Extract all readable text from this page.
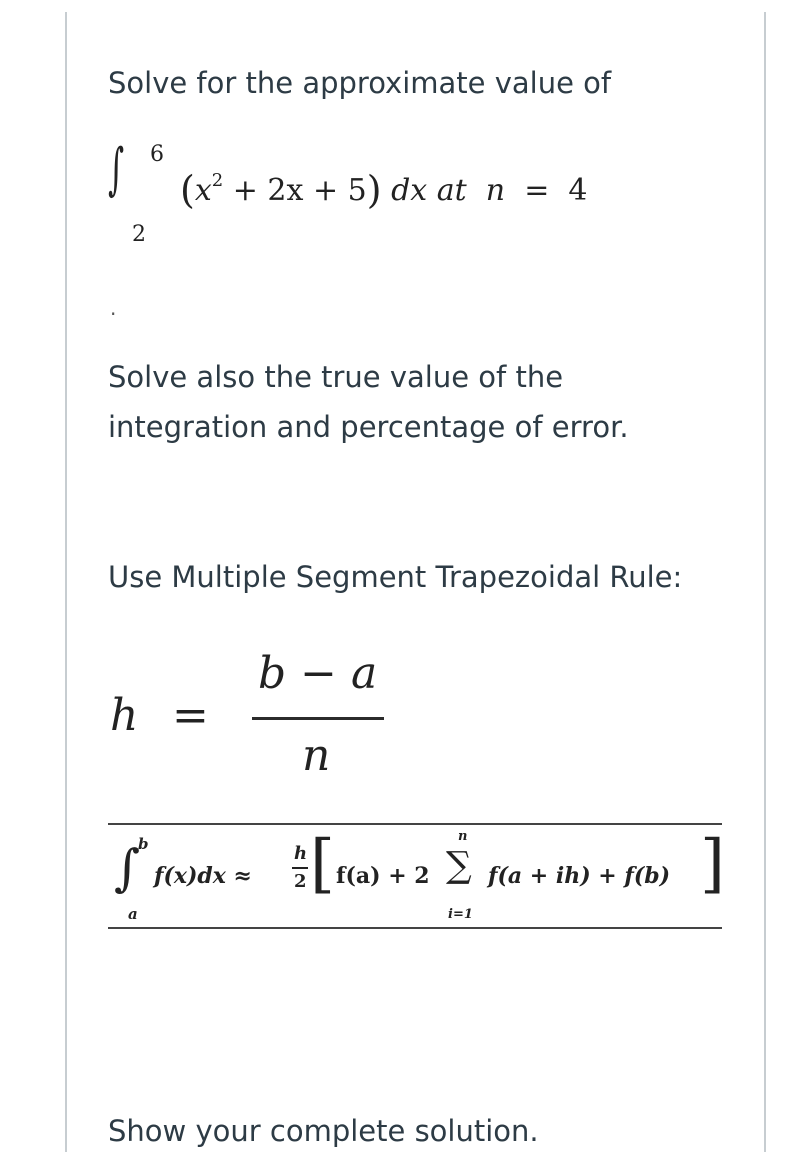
Solve for the approximate value of

∫ 6
2
$(x^2 + 2x + 5)$ dx at n = 4
.

Solve also the true value of the

integration and percentage of error.

Use Multiple Segment Trapezoidal Rule:

h =
b − a
n
∫
b
a
f(x)dx ≈
h
2 [ f(a) + 2
n
∑
i=1
f(a + ih) + f(b) ]

Show your complete solution.
